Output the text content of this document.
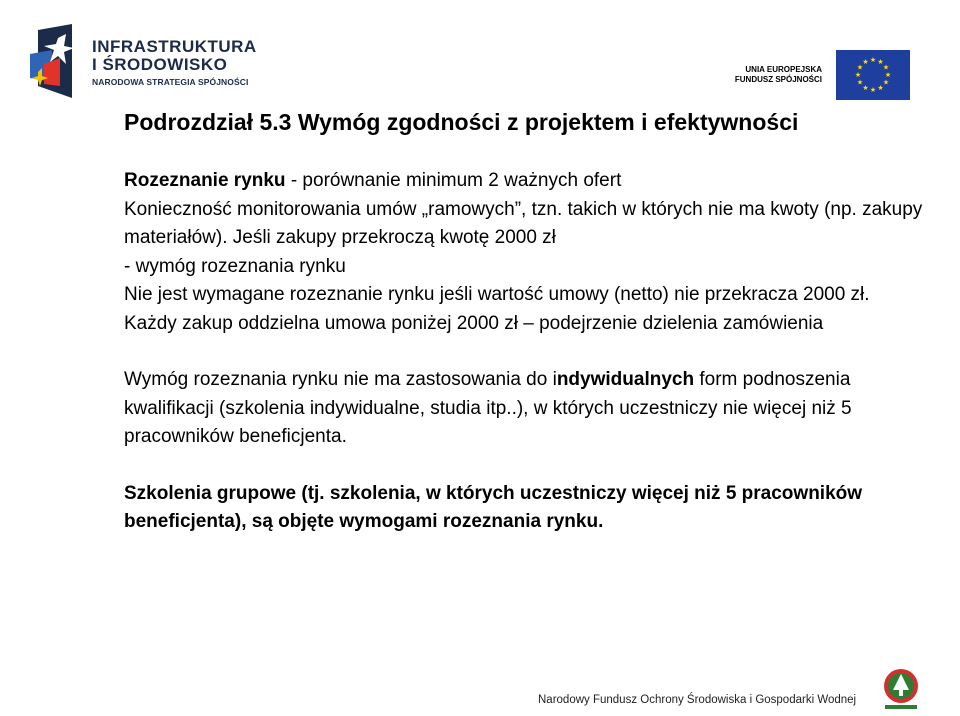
INFRASTRUKTURA
I ŚRODOWISKO
NARODOWA STRATEGIA SPÓJNOŚCI
UNIA EUROPEJSKA
FUNDUSZ SPÓJNOŚCI
★ ★
★
★
★
★
★
★
★
★
★
★
Podrozdział 5.3 Wymóg zgodności z projektem i efektywności

Rozeznanie rynku - porównanie minimum 2 ważnych ofert

Konieczność monitorowania umów „ramowych”, tzn. takich w których nie ma kwoty (np. zakupy materiałów). Jeśli zakupy przekroczą kwotę 2000 zł

- wymóg rozeznania rynku

Nie jest wymagane rozeznanie rynku jeśli wartość umowy (netto) nie przekracza 2000 zł.

Każdy zakup oddzielna umowa poniżej 2000 zł – podejrzenie dzielenia zamówienia

Wymóg rozeznania rynku nie ma zastosowania do indywidualnych form podnoszenia kwalifikacji (szkolenia indywidualne, studia itp..), w których uczestniczy nie więcej niż 5 pracowników beneficjenta.

Szkolenia grupowe (tj. szkolenia, w których uczestniczy więcej niż 5 pracowników beneficjenta), są objęte wymogami rozeznania rynku.

Narodowy Fundusz Ochrony Środowiska i Gospodarki Wodnej
